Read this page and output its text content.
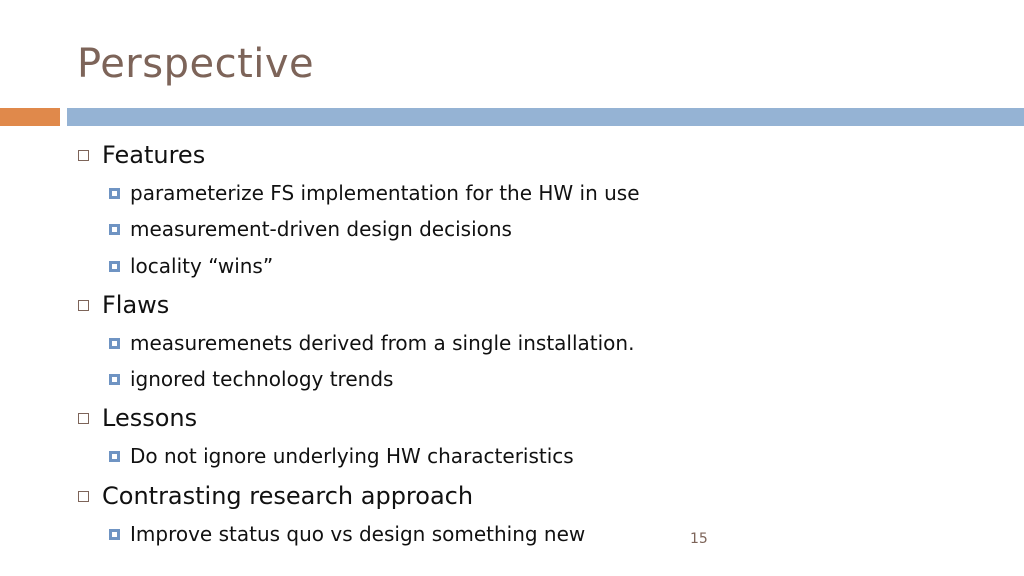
Perspective
Features
parameterize FS implementation for the HW in use
measurement-driven design decisions
locality “wins”
Flaws
measuremenets derived from a single installation.
ignored technology trends
Lessons
Do not ignore underlying HW characteristics
Contrasting research approach
Improve status quo vs design something new	15
